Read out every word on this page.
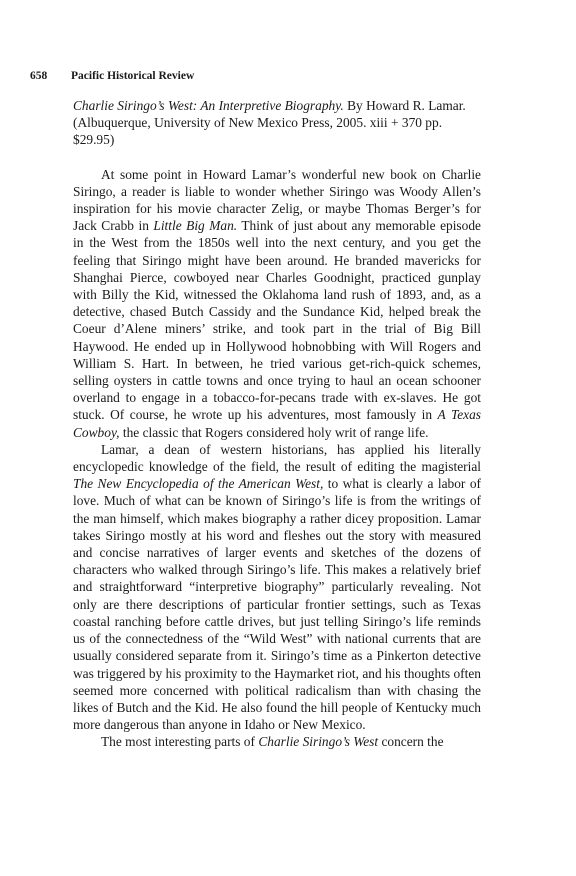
658 Pacific Historical Review

Charlie Siringo’s West: An Interpretive Biography. By Howard R. Lamar. (Albuquerque, University of New Mexico Press, 2005. xiii + 370 pp. $29.95)

At some point in Howard Lamar’s wonderful new book on Charlie Siringo, a reader is liable to wonder whether Siringo was Woody Allen’s inspiration for his movie character Zelig, or maybe Thomas Berger’s for Jack Crabb in Little Big Man. Think of just about any memorable episode in the West from the 1850s well into the next century, and you get the feeling that Siringo might have been around. He branded mavericks for Shanghai Pierce, cowboyed near Charles Goodnight, practiced gunplay with Billy the Kid, witnessed the Oklahoma land rush of 1893, and, as a detective, chased Butch Cassidy and the Sundance Kid, helped break the Coeur d’Alene miners’ strike, and took part in the trial of Big Bill Haywood. He ended up in Hollywood hobnobbing with Will Rogers and William S. Hart. In between, he tried various get-rich-quick schemes, selling oysters in cattle towns and once trying to haul an ocean schooner overland to engage in a tobacco-for-pecans trade with ex-slaves. He got stuck. Of course, he wrote up his adventures, most famously in A Texas Cowboy, the classic that Rogers considered holy writ of range life.

Lamar, a dean of western historians, has applied his literally encyclopedic knowledge of the field, the result of editing the magisterial The New Encyclopedia of the American West, to what is clearly a labor of love. Much of what can be known of Siringo’s life is from the writings of the man himself, which makes biography a rather dicey proposition. Lamar takes Siringo mostly at his word and fleshes out the story with measured and concise narratives of larger events and sketches of the dozens of characters who walked through Siringo’s life. This makes a relatively brief and straightforward “interpretive biography” particularly revealing. Not only are there descriptions of particular frontier settings, such as Texas coastal ranching before cattle drives, but just telling Siringo’s life reminds us of the connectedness of the “Wild West” with national currents that are usually considered separate from it. Siringo’s time as a Pinkerton detective was triggered by his proximity to the Haymarket riot, and his thoughts often seemed more concerned with political radicalism than with chasing the likes of Butch and the Kid. He also found the hill people of Kentucky much more dangerous than anyone in Idaho or New Mexico.

The most interesting parts of Charlie Siringo’s West concern the
